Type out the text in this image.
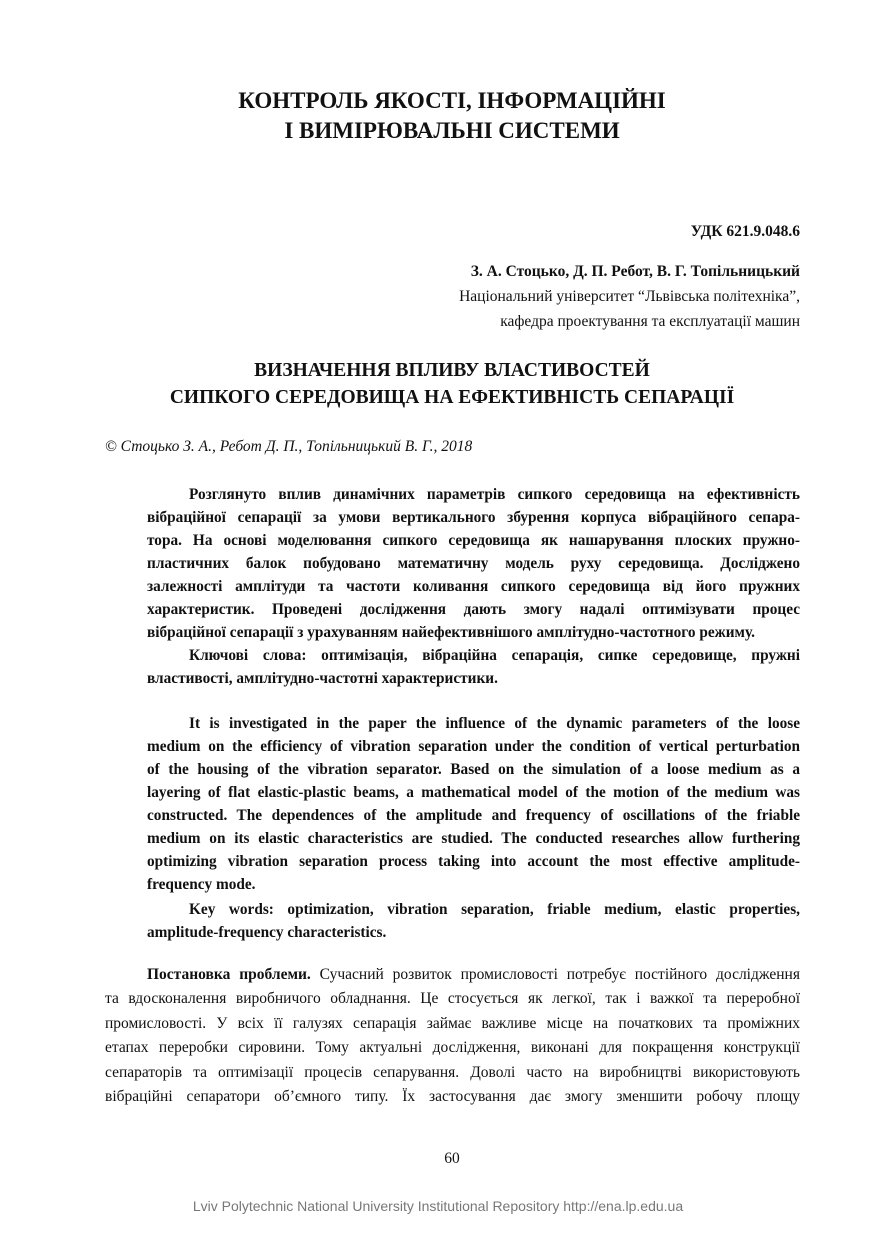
КОНТРОЛЬ ЯКОСТІ, ІНФОРМАЦІЙНІ
І ВИМІРЮВАЛЬНІ СИСТЕМИ
УДК 621.9.048.6
З. А. Стоцько, Д. П. Ребот, В. Г. Топільницький
Національний університет “Львівська політехніка”,
кафедра проектування та експлуатації машин
ВИЗНАЧЕННЯ ВПЛИВУ ВЛАСТИВОСТЕЙ
СИПКОГО СЕРЕДОВИЩА НА ЕФЕКТИВНІСТЬ СЕПАРАЦІЇ
© Стоцько З. А., Ребот Д. П., Топільницький В. Г., 2018
Розглянуто вплив динамічних параметрів сипкого середовища на ефективність
вібраційної сепарації за умови вертикального збурення корпуса вібраційного сепара-
тора. На основі моделювання сипкого середовища як нашарування плоских пружно-
пластичних балок побудовано математичну модель руху середовища. Досліджено
залежності амплітуди та частоти коливання сипкого середовища від його пружних
характеристик. Проведені дослідження дають змогу надалі оптимізувати процес
вібраційної сепарації з урахуванням найефективнішого амплітудно-частотного режиму.
Ключові слова: оптимізація, вібраційна сепарація, сипке середовище, пружні
властивості, амплітудно-частотні характеристики.
It is investigated in the paper the influence of the dynamic parameters of the loose
medium on the efficiency of vibration separation under the condition of vertical perturbation
of the housing of the vibration separator. Based on the simulation of a loose medium as a
layering of flat elastic-plastic beams, a mathematical model of the motion of the medium was
constructed. The dependences of the amplitude and frequency of oscillations of the friable
medium on its elastic characteristics are studied. The conducted researches allow furthering
optimizing vibration separation process taking into account the most effective amplitude-
frequency mode.
Key words: optimization, vibration separation, friable medium, elastic properties,
amplitude-frequency characteristics.
Постановка проблеми. Сучасний розвиток промисловості потребує постійного дослідження
та вдосконалення виробничого обладнання. Це стосується як легкої, так і важкої та переробної
промисловості. У всіх її галузях сепарація займає важливе місце на початкових та проміжних
етапах переробки сировини. Тому актуальні дослідження, виконані для покращення конструкції
сепараторів та оптимізації процесів сепарування. Доволі часто на виробництві використовують
вібраційні сепаратори об’ємного типу. Їх застосування дає змогу зменшити робочу площу
60
Lviv Polytechnic National University Institutional Repository http://ena.lp.edu.ua
